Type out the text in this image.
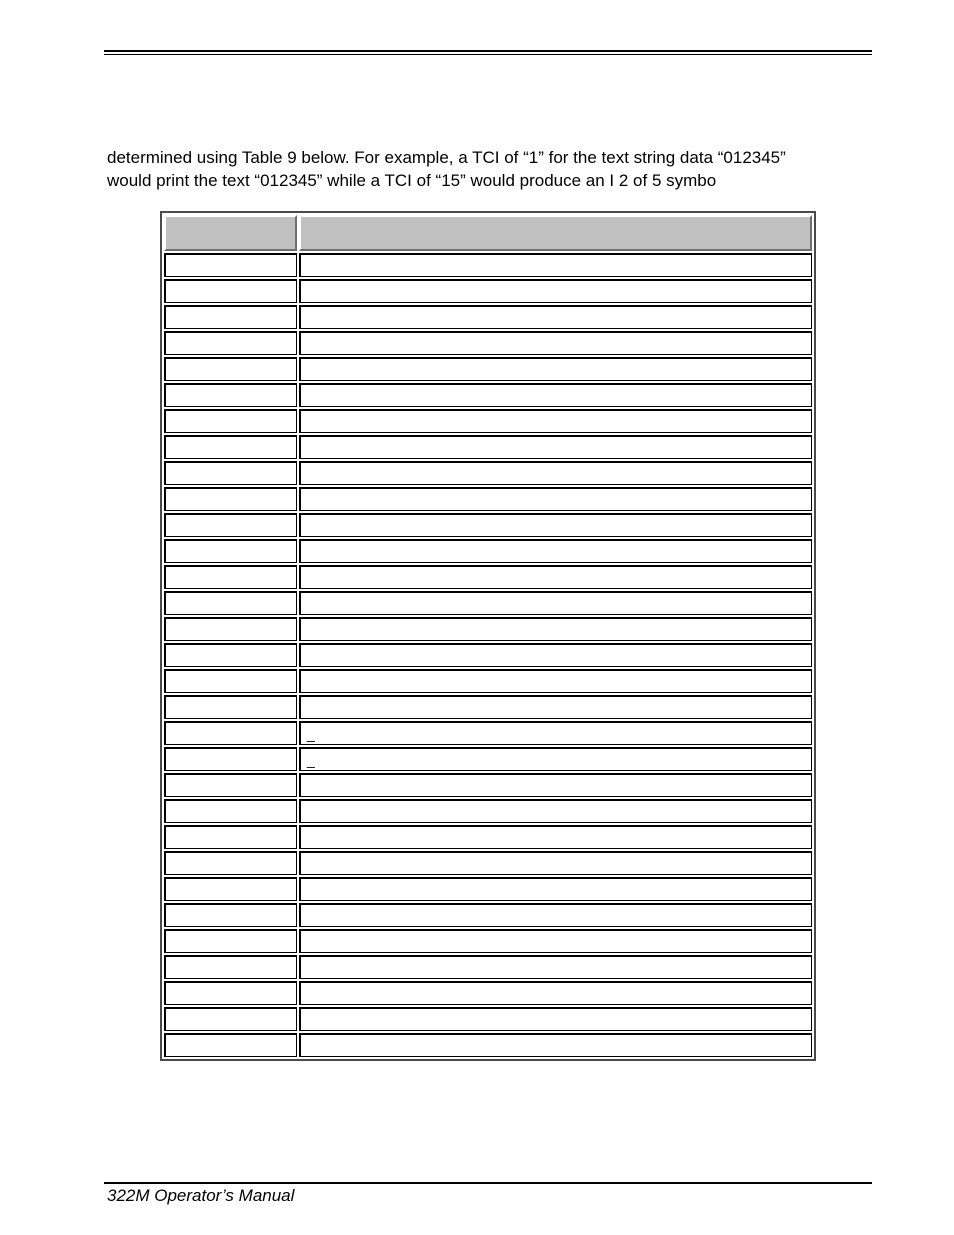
determined using Table 9 below. For example, a TCI of “1” for the text string data “012345”
would print the text “012345” while a TCI of “15” would produce an I 2 of 5 symbo

	_
	_

322M Operator’s Manual
